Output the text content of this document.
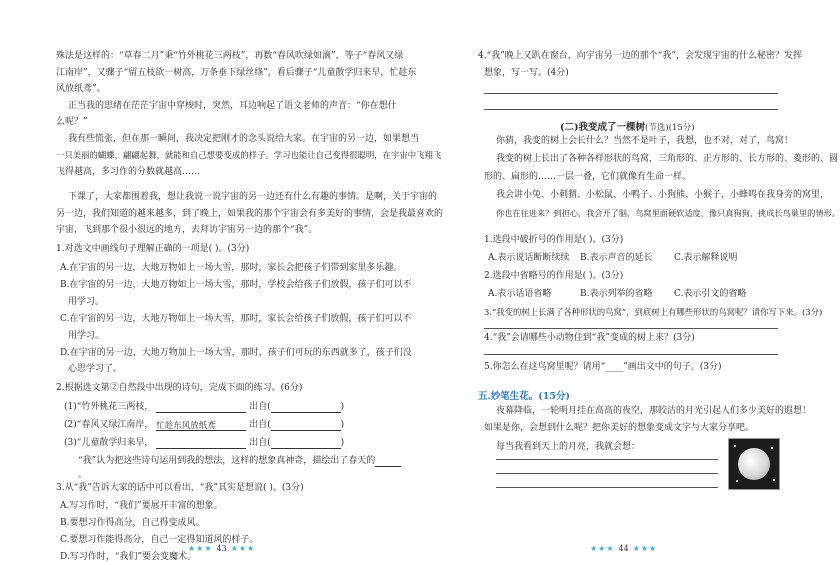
殊法是这样的：“草春二月”秉“竹外桃花三两枝”，再数“春风吹绿如滴”，等子“春风又绿
江南岸”，又骤子“留五枝欲一树高，万条垂下绿丝绦”，看后骤子“儿童散学归来早，忙趁东
风放纸鸢”。
正当我的思绪在茫茫宇宙中穿梭时，突然，耳边响起了语文老师的声音：“你在想什
么呢？”
我有些慌张，但在那一瞬间，我决定把刚才的念头说给大家。在宇宙的另一边，如果想当
一只美丽的蝴蝶，翩翩起舞，就能和自己想要变成的样子。学习也能让自己变得很聪明，在宇宙中飞翔飞
飞得越高，多习作的分数就越高……
下课了，大家都围着我，想让我说一说宇宙的另一边还有什么有趣的事情。是啊，关于宇宙的
另一边，我们知道的越来越多，到了晚上，如果我的那个宇宙会有多美好的事情，会是我最喜欢的
宇宙，飞到那个很小很远的地方，去拜访宇宙另一边的那个“我”。
1.对选文中画线句子理解正确的一项是( )。(3分)
A.在宇宙的另一边，大地万物如上一场大雪，那时，家长会把孩子们带到家里多乐趣。
B.在宇宙的另一边，大地万物如上一场大雪，那时，学校会给孩子们放假，孩子们可以不
用学习。
C.在宇宙的另一边，大地万物如上一场大雪，那时，家长会给孩子们放假，孩子们可以不
用学习。
D.在宇宙的另一边，大地万物加上一场大雪，那时，孩子们可玩的东西就多了，孩子们没
心思学习了。
2.根据选文第②自然段中出现的诗句，完成下面的练习。(6分)
(1)“竹外桃花三两枝，	出自(	)
(2)“春风又绿江南岸， 忙趁东风放纸鸢	出自(	)
(3)“儿童散学归来早，	出自(	)
“我”认为把这些诗句运用到我的想法，这样的想象真神奇，描绘出了春天的
。
3.从“我”告诉大家的话中可以看出，“我”其实是想说( )。(3分)
A.写习作时，“我们”要展开丰富的想象。
B.要想习作得高分，自己得变成风。
C.要想习作能得高分，自己一定得知道风的样子。
D.写习作时，“我们”要会变魔术。
4.“我”晚上又趴在窗台，向宇宙另一边的那个“我”，会发现宇宙的什么秘密？发挥
想象，写一写。(4分)
(二)我变成了一棵树(节选)(15分)
你猜，我变的树上会长什么？当然不是叶子，我想，也不对，对了，鸟窝！
我变的树上长出了各种各样形状的鸟窝，三角形的、正方形的、长方形的、菱形的、圆
形的、扁形的……一层一叠，它们就像有生命一样。
我会讲小兔、小刺猬、小松鼠、小鸭子、小狗熊、小猴子，小蜂鸣在我身旁的窝里，
你也在住进来？到担心，我会开了脑，鸟窝里面硬软适度，像只真狗狗，挑成长鸟巢里的情形。
1.选段中破折号的作用是( )。(3分)
A.表示说话断断续续 B.表示声音的延长 C.表示解释说明
2.选段中省略号的作用是( )。(3分)
A.表示话语省略	B.表示列举的省略 C.表示引文的省略
3.“我变的树上长满了各种形状的鸟窝”，到底树上有哪些形状的鸟窝呢？请你写下来。(3分)
4.“我”会请哪些小动物住到“我”变成的树上来？(3分)
5.你怎么在这鸟窝里呢？请用“____”画出文中的句子。(3分)
五.妙笔生花。(15分)
夜幕降临，一轮明月挂在高高的夜空，那皎洁的月光引起人们多少美好的遐想！
如果是你，会想到什么呢？把你美好的想象变成文字与大家分享吧。
每当我看到天上的月亮，我就会想：
★★★ 43 ★★★	★★★ 44 ★★★
